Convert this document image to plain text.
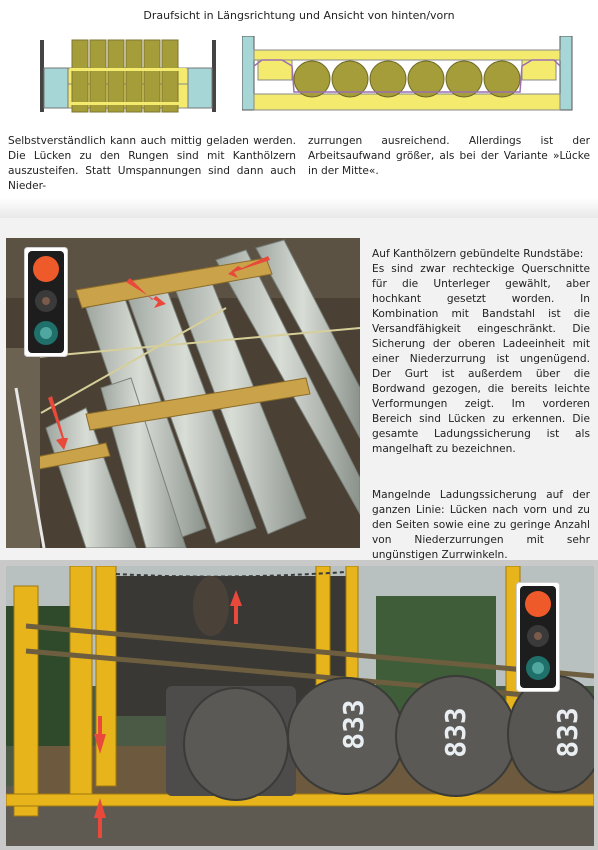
Draufsicht in Längsrichtung und Ansicht von hinten/vorn

Selbstverständlich kann auch mittig geladen werden. Die Lücken zu den Rungen sind mit Kanthölzern auszusteifen. Statt Umspannungen sind dann auch Nieder-

zurrungen ausreichend. Allerdings ist der Arbeitsaufwand größer, als bei der Variante »Lücke in der Mitte«.

Auf Kanthölzern gebündelte Rundstäbe:

Es sind zwar rechteckige Querschnitte für die Unterleger gewählt, aber hochkant gesetzt worden. In Kombination mit Bandstahl ist die Versandfähigkeit eingeschränkt. Die Sicherung der oberen Ladeeinheit mit einer Niederzurrung ist ungenügend. Der Gurt ist außerdem über die Bordwand gezogen, die bereits leichte Verformungen zeigt. Im vorderen Bereich sind Lücken zu erkennen. Die gesamte Ladungssicherung ist als mangelhaft zu bezeichnen.

Mangelnde Ladungssicherung auf der ganzen Linie: Lücken nach vorn und zu den Seiten sowie eine zu geringe Anzahl von Niederzurrungen mit sehr ungünstigen Zurrwinkeln.

833 833	833
